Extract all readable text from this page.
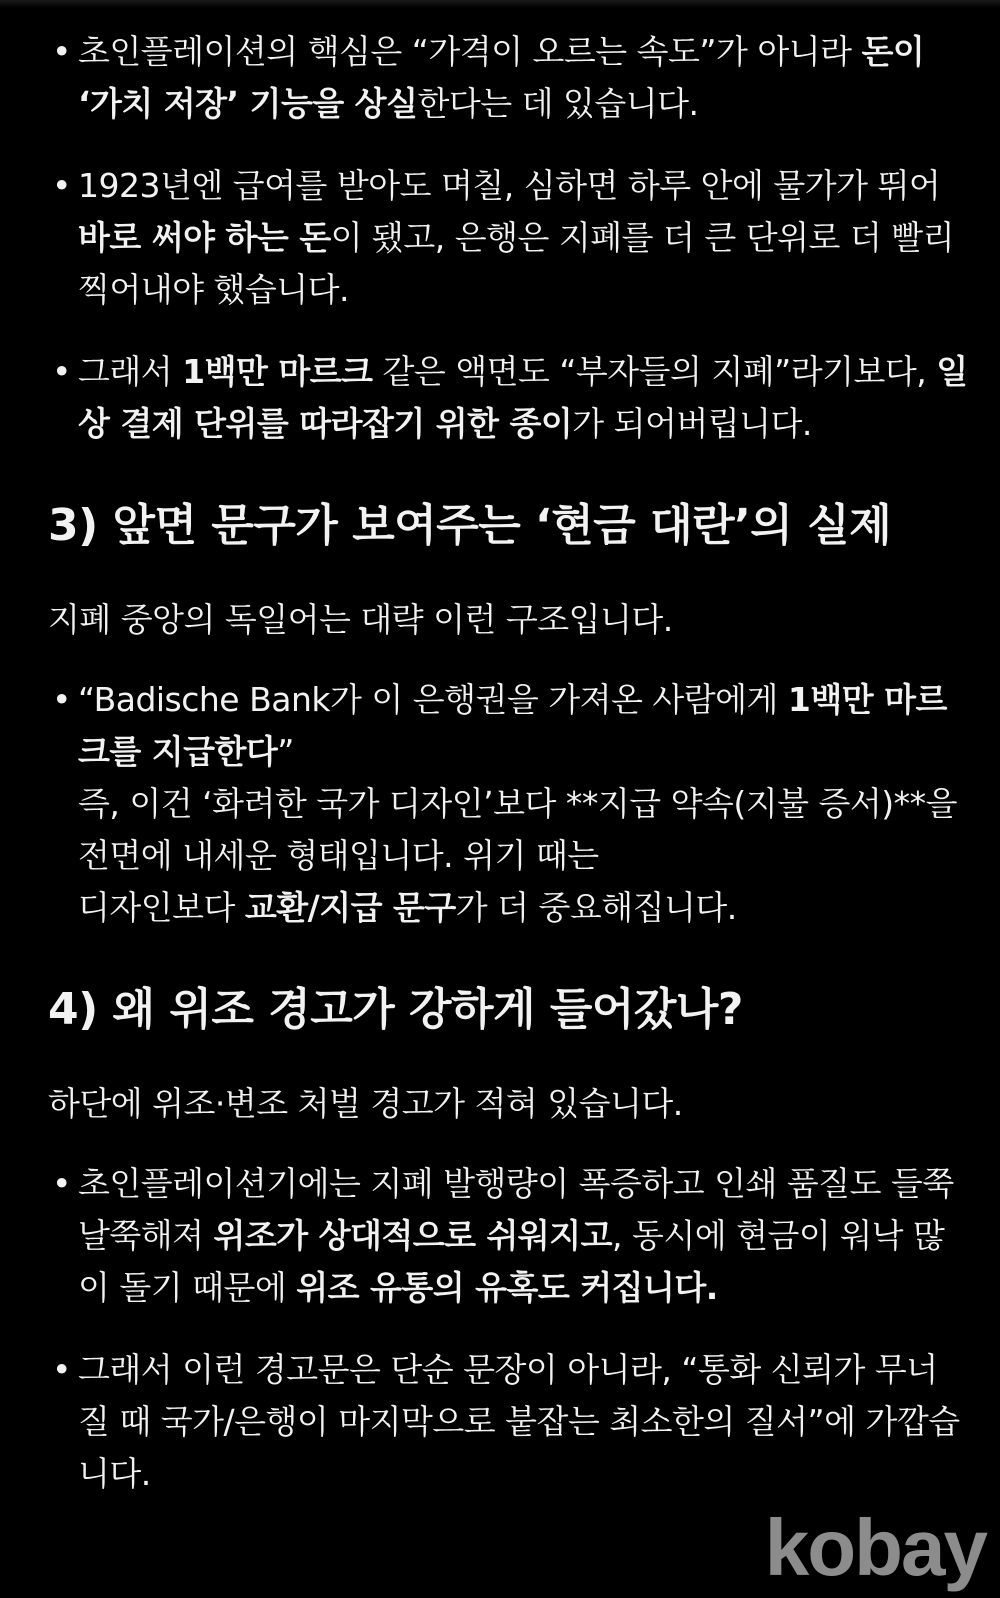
• 초인플레이션의 핵심은 “가격이 오르는 속도”가 아니라 돈이 ‘가치 저장’ 기능을 상실한다는 데 있습니다.
• 1923년엔 급여를 받아도 며칠, 심하면 하루 안에 물가가 뛰어 바로 써야 하는 돈이 됐고, 은행은 지폐를 더 큰 단위로 더 빨리 찍어내야 했습니다.
• 그래서 1백만 마르크 같은 액면도 “부자들의 지폐”라기보다, 일상 결제 단위를 따라잡기 위한 종이가 되어버립니다.
3) 앞면 문구가 보여주는 ‘현금 대란’의 실제

지폐 중앙의 독일어는 대략 이런 구조입니다.

• “Badische Bank가 이 은행권을 가져온 사람에게 1백만 마르크를 지급한다”
즉, 이건 ‘화려한 국가 디자인’보다 **지급 약속(지불 증서)**을 전면에 내세운 형태입니다. 위기 때는
디자인보다 교환/지급 문구가 더 중요해집니다.
4) 왜 위조 경고가 강하게 들어갔나?

하단에 위조·변조 처벌 경고가 적혀 있습니다.

• 초인플레이션기에는 지폐 발행량이 폭증하고 인쇄 품질도 들쭉날쭉해져 위조가 상대적으로 쉬워지고, 동시에 현금이 워낙 많이 돌기 때문에 위조 유통의 유혹도 커집니다.
• 그래서 이런 경고문은 단순 문장이 아니라, “통화 신뢰가 무너질 때 국가/은행이 마지막으로 붙잡는 최소한의 질서”에 가깝습니다.
kobay
